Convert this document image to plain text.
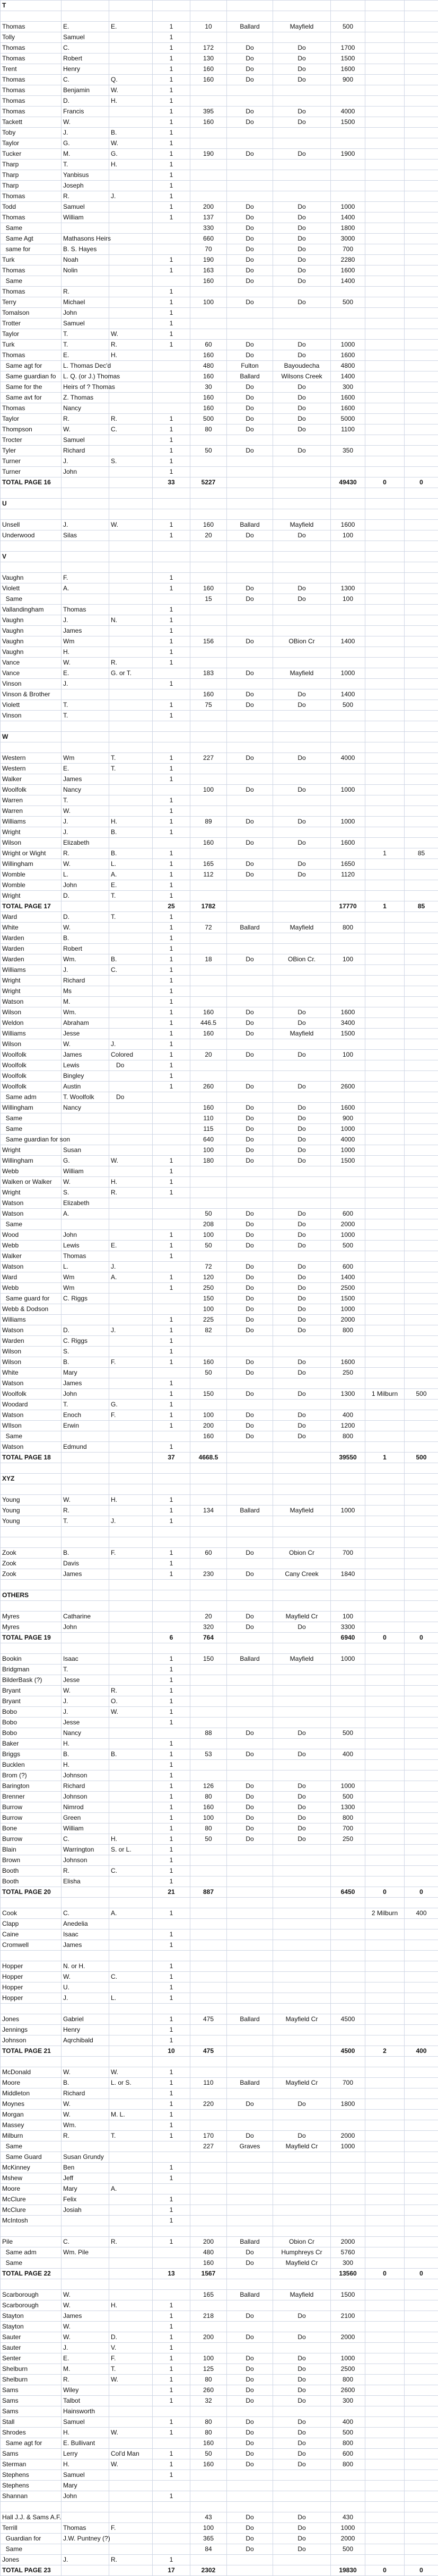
T									

Thomas	E.	E.	1	10	Ballard	Mayfield	500		
Tolly	Samuel		1						
Thomas	C.		1	172	Do	Do	1700		
Thomas	Robert		1	130	Do	Do	1500		
Trent	Henry		1	160	Do	Do	1600		
Thomas	C.	Q.	1	160	Do	Do	900		
Thomas	Benjamin	W.	1						
Thomas	D.	H.	1						
Thomas	Francis		1	395	Do	Do	4000		
Tackett	W.		1	160	Do	Do	1500		
Toby	J.	B.	1						
Taylor	G.	W.	1						
Tucker	M.	G.	1	190	Do	Do	1900		
Tharp	T.	H.	1						
Tharp	Yanbisus		1						
Tharp	Joseph		1						
Thomas	R.	J.	1						
Todd	Samuel		1	200	Do	Do	1000		
Thomas	William		1	137	Do	Do	1400		
Same				330	Do	Do	1800		
Same Agt	Mathasons Heirs			660	Do	Do	3000		
same for	B. S. Hayes			70	Do	Do	700		
Turk	Noah		1	190	Do	Do	2280		
Thomas	Nolin		1	163	Do	Do	1600		
Same				160	Do	Do	1400		
Thomas	R.		1						
Terry	Michael		1	100	Do	Do	500		
Tomalson	John		1						
Trotter	Samuel		1						
Taylor	T.	W.	1						
Turk	T.	R.	1	60	Do	Do	1000		
Thomas	E.	H.		160	Do	Do	1600		
Same agt for	L. Thomas Dec'd			480	Fulton	Bayoudecha	4800		
Same guardian fo	L. Q. (or J.) Thomas			160	Ballard	Wilsons Creek	1400		
Same for the	Heirs of ? Thomas			30	Do	Do	300		
Same avt for	Z. Thomas			160	Do	Do	1600		
Thomas	Nancy			160	Do	Do	1600		
Taylor	R.	R.	1	500	Do	Do	5000		
Thompson	W.	C.	1	80	Do	Do	1100		
Trocter	Samuel		1						
Tyler	Richard		1	50	Do	Do	350		
Turner	J.	S.	1						
Turner	John		1						
TOTAL PAGE 16			33	5227			49430	0	0

U									

Unsell	J.	W.	1	160	Ballard	Mayfield	1600		
Underwood	Silas		1	20	Do	Do	100		

V									

Vaughn	F.		1						
Violett	A.		1	160	Do	Do	1300		
Same				15	Do	Do	100		
Vallandingham	Thomas		1						
Vaughn	J.	N.	1						
Vaughn	James		1						
Vaughn	Wm		1	156	Do	OBion Cr	1400		
Vaughn	H.		1						
Vance	W.	R.	1						
Vance	E.	G. or T.		183	Do	Mayfield	1000		
Vinson	J.		1						
Vinson & Brother				160	Do	Do	1400		
Violett	T.		1	75	Do	Do	500		
Vinson	T.		1						

W									

Western	Wm	T.	1	227	Do	Do	4000		
Western	E.	T.	1						
Walker	James		1						
Woolfolk	Nancy			100	Do	Do	1000		
Warren	T.		1						
Warren	W.		1						
Williams	J.	H.	1	89	Do	Do	1000		
Wright	J.	B.	1						
Wilson	Elizabeth			160	Do	Do	1600		
Wright or Wight	R.	B.	1					1	85
Willingham	W.	L.	1	165	Do	Do	1650		
Womble	L.	A.	1	112	Do	Do	1120		
Womble	John	E.	1						
Wright	D.	T.	1						
TOTAL PAGE 17			25	1782			17770	1	85
Ward	D.	T.	1						
White	W.		1	72	Ballard	Mayfield	800		
Warden	B.		1						
Warden	Robert		1						
Warden	Wm.	B.	1	18	Do	OBion Cr.	100		
Williams	J.	C.	1						
Wright	Richard		1						
Wright	Ms		1						
Watson	M.		1						
Wilson	Wm.		1	160	Do	Do	1600		
Weldon	Abraham		1	446.5	Do	Do	3400		
Williams	Jesse		1	160	Do	Mayfield	1500		
Wilson	W.	J.	1						
Woolfolk	James	Colored	1	20	Do	Do	100		
Woolfolk	Lewis	Do	1						
Woolfolk	Bingley		1						
Woolfolk	Austin		1	260	Do	Do	2600		
Same adm	T. Woolfolk	Do							
Willingham	Nancy			160	Do	Do	1600		
Same				110	Do	Do	900		
Same				115	Do	Do	1000		
Same guardian for son				640	Do	Do	4000		
Wright	Susan			100	Do	Do	1000		
Willingham	G.	W.	1	180	Do	Do	1500		
Webb	William		1						
Walken or Walker	W.	H.	1						
Wright	S.	R.	1						
Watson	Elizabeth								
Watson	A.			50	Do	Do	600		
Same				208	Do	Do	2000		
Wood	John		1	100	Do	Do	1000		
Webb	Lewis	E.	1	50	Do	Do	500		
Walker	Thomas		1						
Watson	L.	J.		72	Do	Do	600		
Ward	Wm	A.	1	120	Do	Do	1400		
Webb	Wm		1	250	Do	Do	2500		
Same guard for	C. Riggs			150	Do	Do	1500		
Webb & Dodson				100	Do	Do	1000		
Williams			1	225	Do	Do	2000		
Watson	D.	J.	1	82	Do	Do	800		
Warden	C. Riggs		1						
Wilson	S.		1						
Wilson	B.	F.	1	160	Do	Do	1600		
White	Mary			50	Do	Do	250		
Watson	James		1						
Woolfolk	John		1	150	Do	Do	1300	1 Milburn	500
Woodard	T.	G.	1						
Watson	Enoch	F.	1	100	Do	Do	400		
WIlson	Erwin		1	200	Do	Do	1200		
Same				160	Do	Do	800		
Watson	Edmund		1						
TOTAL PAGE 18			37	4668.5			39550	1	500

XYZ									

Young	W.	H.	1						
Young	R.		1	134	Ballard	Mayfield	1000		
Young	T.	J.	1						

Zook	B.	F.	1	60	Do	Obion Cr	700		
Zook	Davis		1						
Zook	James		1	230	Do	Cany Creek	1840		

OTHERS									

Myres	Catharine			20	Do	Mayfield Cr	100		
Myres	John			320	Do	Do	3300		
TOTAL PAGE 19			6	764			6940	0	0

Bookin	Isaac		1	150	Ballard	Mayfield	1000		
Bridgman	T.		1						
BilderBask (?)	Jesse		1						
Bryant	W.	R.	1						
Bryant	J.	O.	1						
Bobo	J.	W.	1						
Bobo	Jesse		1						
Bobo	Nancy			88	Do	Do	500		
Baker	H.		1						
Briggs	B.	B.	1	53	Do	Do	400		
Bucklen	H.		1						
Brom (?)	Johnson		1						
Barington	Richard		1	126	Do	Do	1000		
Brenner	Johnson		1	80	Do	Do	500		
Burrow	Nimrod		1	160	Do	Do	1300		
Burrow	Green		1	100	Do	Do	800		
Bone	William		1	80	Do	Do	700		
Burrow	C.	H.	1	50	Do	Do	250		
Blain	Warrington	S. or L.	1						
Brown	Johnson		1						
Booth	R.	C.	1						
Booth	Elisha		1						
TOTAL PAGE 20			21	887			6450	0	0

Cook	C.	A.	1					2 Milburn	400
Clapp	Anedelia								
Caine	Isaac		1						
Cromwell	James		1						

Hopper	N. or H.		1						
Hopper	W.	C.	1						
Hopper	U.		1						
Hopper	J.	L.	1						

Jones	Gabriel		1	475	Ballard	Mayfield Cr	4500		
Jennings	Henry		1						
Johnson	Aqrchibald		1						
TOTAL PAGE 21			10	475			4500	2	400

McDonald	W.	W.	1						
Moore	B.	L. or S.	1	110	Ballard	Mayfield Cr	700		
Middleton	Richard		1						
Moynes	W.		1	220	Do	Do	1800		
Morgan	W.	M. L.	1						
Massey	Wm.		1						
Milburn	R.	T.	1	170	Do	Do	2000		
Same				227	Graves	Mayfield Cr	1000		
Same Guard	Susan Grundy								
McKinney	Ben		1						
Mshew	Jeff		1						
Moore	Mary	A.							
McClure	Felix		1						
McClure	Josiah		1						
McIntosh			1						

Pile	C.	R.	1	200	Ballard	Obion Cr	2000		
Same adm	Wm. Pile			480	Do	Humphreys Cr	5760		
Same				160	Do	Mayfield Cr	300		
TOTAL PAGE 22			13	1567			13560	0	0

Scarborough	W.			165	Ballard	Mayfield	1500		
Scarborough	W.	H.	1						
Stayton	James		1	218	Do	Do	2100		
Stayton	W.		1						
Sauter	W.	D.	1	200	Do	Do	2000		
Sauter	J.	V.	1						
Senter	E.	F.	1	100	Do	Do	1000		
Shelburn	M.	T.	1	125	Do	Do	2500		
Shelburn	R.	W.	1	80	Do	Do	800		
Sams	Wiley		1	260	Do	Do	2600		
Sams	Talbot		1	32	Do	Do	300		
Sams	Hainsworth								
Stall	Samuel		1	80	Do	Do	400		
Shrodes	H.	W.	1	80	Do	Do	500		
Same agt for	E. Bullivant			160	Do	Do	800		
Sams	Lerry	Col'd Man	1	50	Do	Do	600		
Sterman	H.	W.	1	160	Do	Do	800		
Stephens	Samuel		1						
Stephens	Mary								
Shannan	John		1						

Hall J.J. & Sams A.F.				43	Do	Do	430		
Terrill	Thomas	F.		100	Do	Do	1000		
Guardian for	J.W. Puntney (?)			365	Do	Do	2000		
Same				84	Do	Do	500		
Jones	J.	R.	1						
TOTAL PAGE 23			17	2302			19830	0	0
